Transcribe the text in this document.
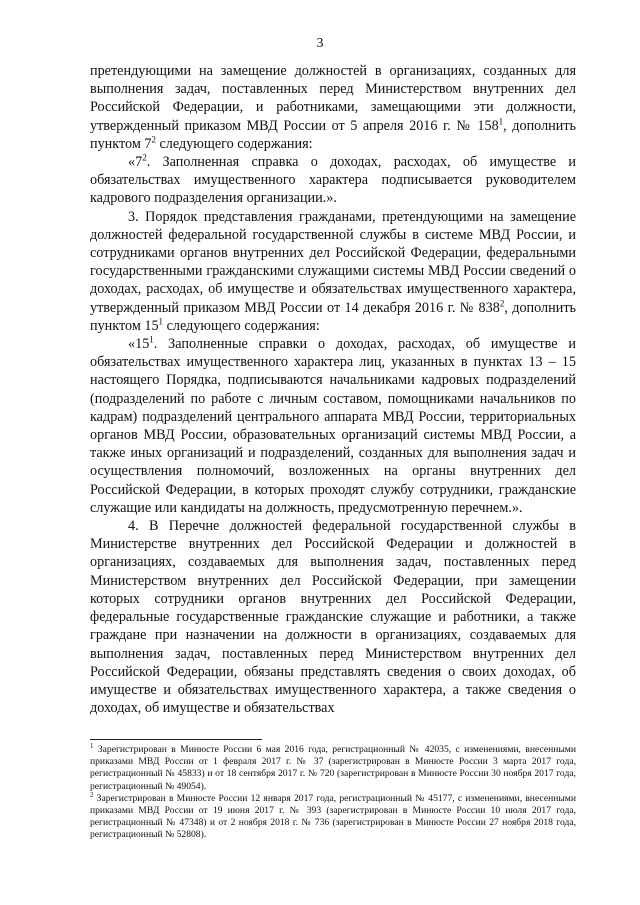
3

претендующими на замещение должностей в организациях, созданных для выполнения задач, поставленных перед Министерством внутренних дел Российской Федерации, и работниками, замещающими эти должности, утвержденный приказом МВД России от 5 апреля 2016 г. № $158^1$, дополнить пунктом $7^2$ следующего содержания:

«$7^2$. Заполненная справка о доходах, расходах, об имуществе и обязательствах имущественного характера подписывается руководителем кадрового подразделения организации.».

3. Порядок представления гражданами, претендующими на замещение должностей федеральной государственной службы в системе МВД России, и сотрудниками органов внутренних дел Российской Федерации, федеральными государственными гражданскими служащими системы МВД России сведений о доходах, расходах, об имуществе и обязательствах имущественного характера, утвержденный приказом МВД России от 14 декабря 2016 г. № $838^2$, дополнить пунктом $15^1$ следующего содержания:

«$15^1$. Заполненные справки о доходах, расходах, об имуществе и обязательствах имущественного характера лиц, указанных в пунктах 13 – 15 настоящего Порядка, подписываются начальниками кадровых подразделений (подразделений по работе с личным составом, помощниками начальников по кадрам) подразделений центрального аппарата МВД России, территориальных органов МВД России, образовательных организаций системы МВД России, а также иных организаций и подразделений, созданных для выполнения задач и осуществления полномочий, возложенных на органы внутренних дел Российской Федерации, в которых проходят службу сотрудники, гражданские служащие или кандидаты на должность, предусмотренную перечнем.».

4. В Перечне должностей федеральной государственной службы в Министерстве внутренних дел Российской Федерации и должностей в организациях, создаваемых для выполнения задач, поставленных перед Министерством внутренних дел Российской Федерации, при замещении которых сотрудники органов внутренних дел Российской Федерации, федеральные государственные гражданские служащие и работники, а также граждане при назначении на должности в организациях, создаваемых для выполнения задач, поставленных перед Министерством внутренних дел Российской Федерации, обязаны представлять сведения о своих доходах, об имуществе и обязательствах имущественного характера, а также сведения о доходах, об имуществе и обязательствах

$^1$ Зарегистрирован в Минюсте России 6 мая 2016 года, регистрационный № 42035, с изменениями, внесенными приказами МВД России от 1 февраля 2017 г. № 37 (зарегистрирован в Минюсте России 3 марта 2017 года, регистрационный № 45833) и от 18 сентября 2017 г. № 720 (зарегистрирован в Минюсте России 30 ноября 2017 года, регистрационный № 49054).

$^2$ Зарегистрирован в Минюсте России 12 января 2017 года, регистрационный № 45177, с изменениями, внесенными приказами МВД России от 19 июня 2017 г. № 393 (зарегистрирован в Минюсте России 10 июля 2017 года, регистрационный № 47348) и от 2 ноября 2018 г. № 736 (зарегистрирован в Минюсте России 27 ноября 2018 года, регистрационный № 52808).
